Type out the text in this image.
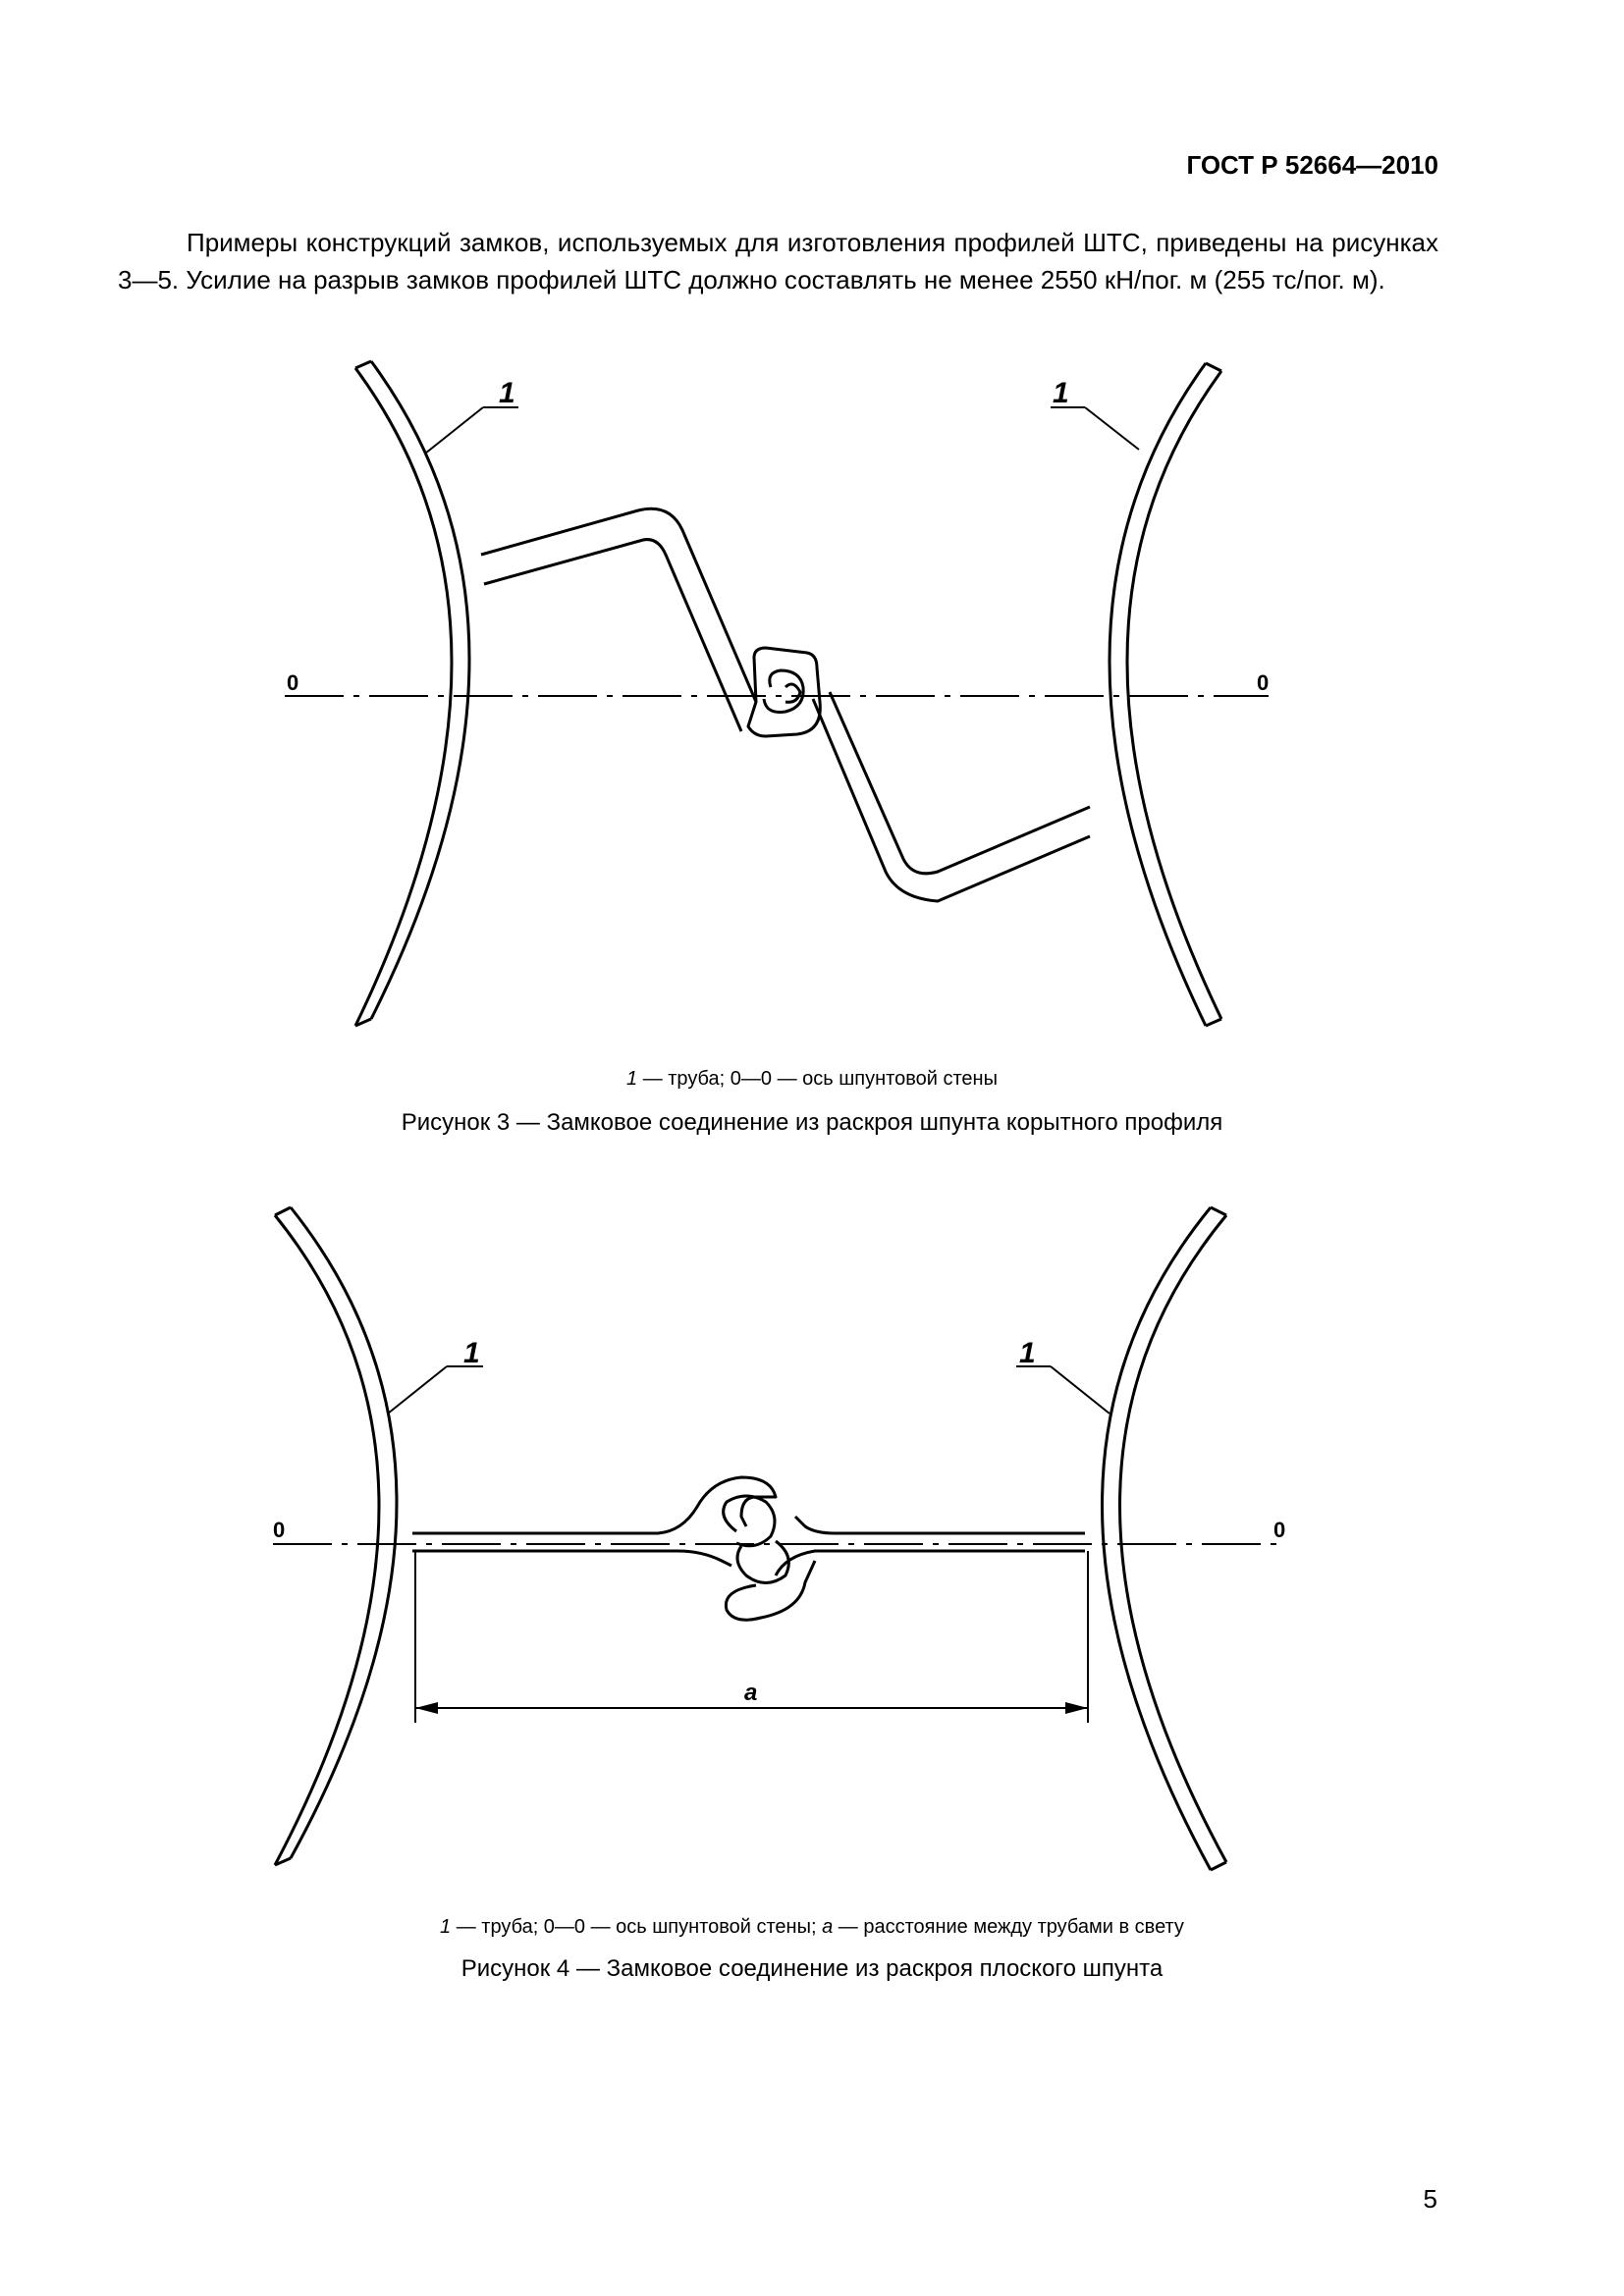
ГОСТ Р 52664—2010

Примеры конструкций замков, используемых для изготовления профилей ШТС, приведены на рисунках 3—5. Усилие на разрыв замков профилей ШТС должно составлять не менее 2550 кН/пог. м (255 тс/пог. м).

1	1
0	0
1 — труба; 0—0 — ось шпунтовой стены
Рисунок 3 — Замковое соединение из раскроя шпунта корытного профиля
1	1
0	0
a
1 — труба; 0—0 — ось шпунтовой стены; a — расстояние между трубами в свету
Рисунок 4 — Замковое соединение из раскроя плоского шпунта
5
